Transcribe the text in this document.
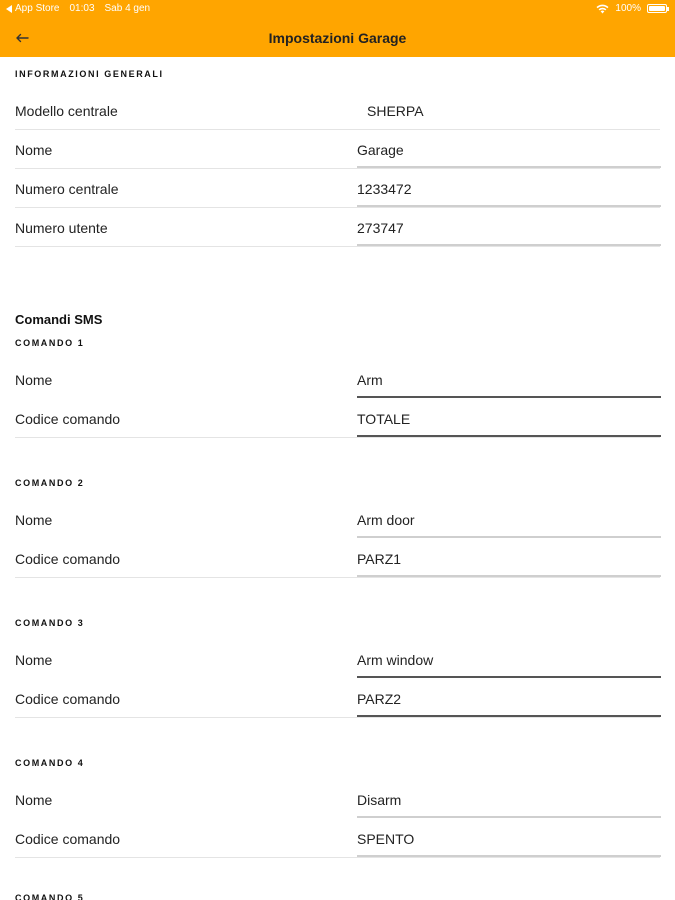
App Store 01:03 Sab 4 gen	100%
Impostazioni Garage
INFORMAZIONI GENERALI
Modello centrale	SHERPA
Nome	Garage
Numero centrale	1233472
Numero utente	273747
Comandi SMS
COMANDO 1
Nome	Arm
Codice comando	TOTALE
COMANDO 2
Nome	Arm door
Codice comando	PARZ1
COMANDO 3
Nome	Arm window
Codice comando	PARZ2
COMANDO 4
Nome	Disarm
Codice comando	SPENTO
COMANDO 5
